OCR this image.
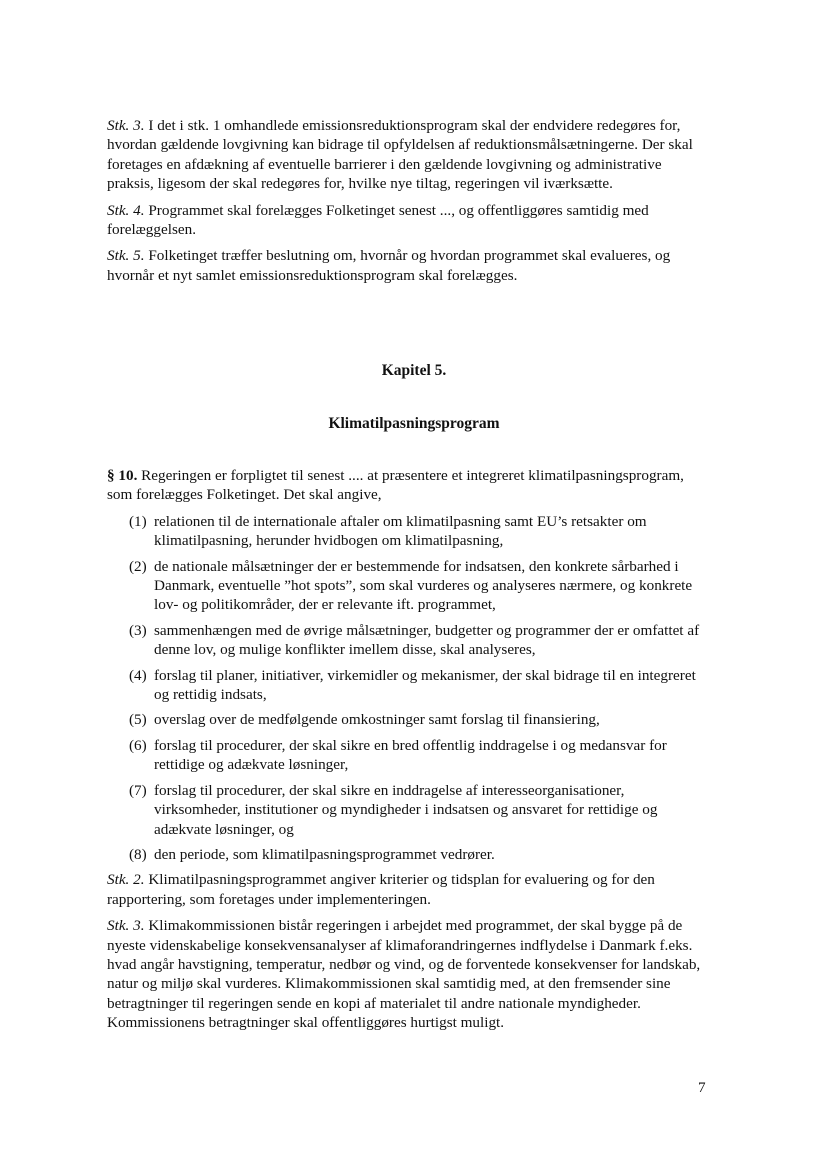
Stk. 3. I det i stk. 1 omhandlede emissionsreduktionsprogram skal der endvidere redegøres for, hvordan gældende lovgivning kan bidrage til opfyldelsen af reduktionsmålsætningerne. Der skal foretages en afdækning af eventuelle barrierer i den gældende lovgivning og administrative praksis, ligesom der skal redegøres for, hvilke nye tiltag, regeringen vil iværksætte.

Stk. 4. Programmet skal forelægges Folketinget senest ..., og offentliggøres samtidig med forelæggelsen.

Stk. 5. Folketinget træffer beslutning om, hvornår og hvordan programmet skal evalueres, og hvornår et nyt samlet emissionsreduktionsprogram skal forelægges.

Kapitel 5.
Klimatilpasningsprogram

§ 10. Regeringen er forpligtet til senest .... at præsentere et integreret klimatilpasningsprogram, som forelægges Folketinget. Det skal angive,

(1) relationen til de internationale aftaler om klimatilpasning samt EU’s retsakter om klimatilpasning, herunder hvidbogen om klimatilpasning,
(2) de nationale målsætninger der er bestemmende for indsatsen, den konkrete sårbarhed i Danmark, eventuelle ”hot spots”, som skal vurderes og analyseres nærmere, og konkrete lov- og politikområder, der er relevante ift. programmet,
(3) sammenhængen med de øvrige målsætninger, budgetter og programmer der er omfattet af denne lov, og mulige konflikter imellem disse, skal analyseres,
(4) forslag til planer, initiativer, virkemidler og mekanismer, der skal bidrage til en integreret og rettidig indsats,
(5) overslag over de medfølgende omkostninger samt forslag til finansiering,
(6) forslag til procedurer, der skal sikre en bred offentlig inddragelse i og medansvar for rettidige og adækvate løsninger,
(7) forslag til procedurer, der skal sikre en inddragelse af interesseorganisationer, virksomheder, institutioner og myndigheder i indsatsen og ansvaret for rettidige og adækvate løsninger, og
(8) den periode, som klimatilpasningsprogrammet vedrører.

Stk. 2. Klimatilpasningsprogrammet angiver kriterier og tidsplan for evaluering og for den rapportering, som foretages under implementeringen.

Stk. 3. Klimakommissionen bistår regeringen i arbejdet med programmet, der skal bygge på de nyeste videnskabelige konsekvensanalyser af klimaforandringernes indflydelse i Danmark f.eks. hvad angår havstigning, temperatur, nedbør og vind, og de forventede konsekvenser for landskab, natur og miljø skal vurderes. Klimakommissionen skal samtidig med, at den fremsender sine betragtninger til regeringen sende en kopi af materialet til andre nationale myndigheder. Kommissionens betragtninger skal offentliggøres hurtigst muligt.

7
